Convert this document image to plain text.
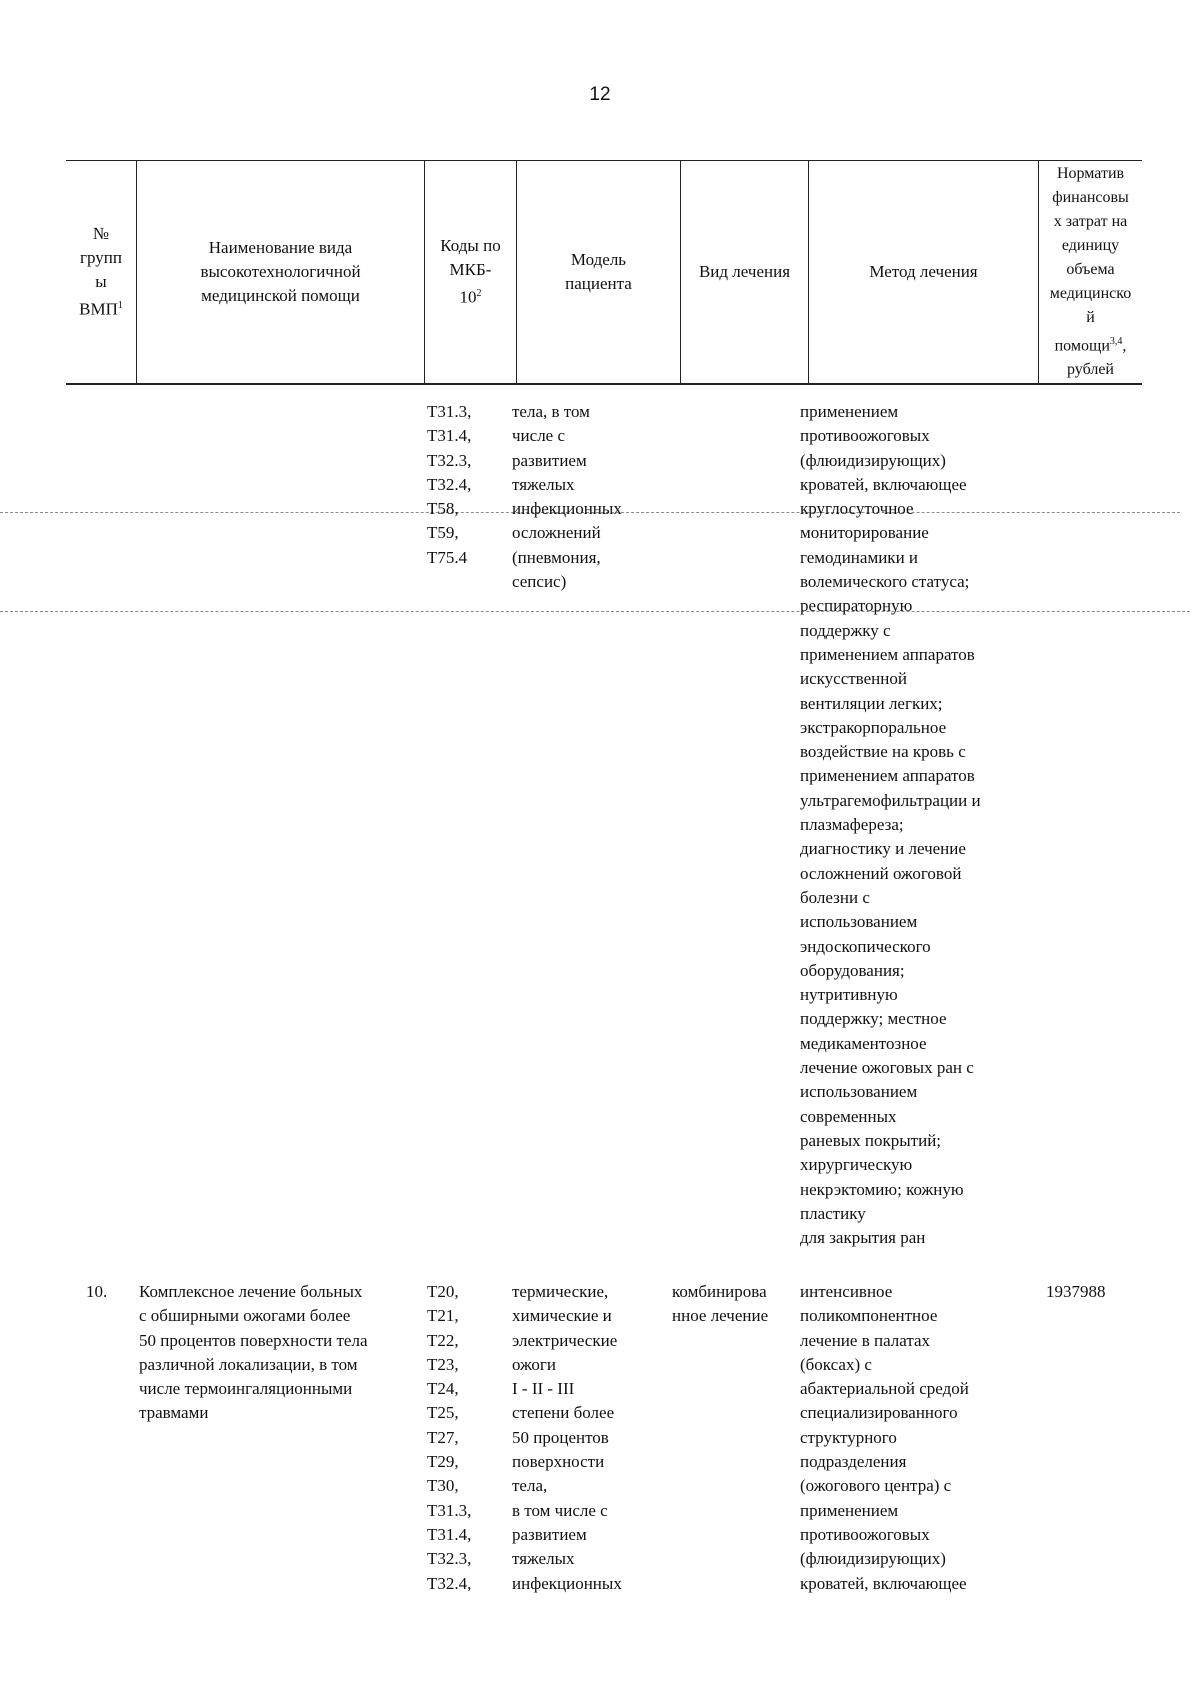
12
№
групп
ы
ВМП$^1$
Наименование вида
высокотехнологичной
медицинской помощи
Коды по
МКБ-
$10^2$
Модель
пациента
Вид лечения	Метод лечения
Норматив
финансовы
х затрат на
единицу
объема
медицинско
й
помощи$^{3,4}$,
рублей
Т31.3,
Т31.4,
Т32.3,
Т32.4,
Т58,
Т59,
Т75.4
тела, в том
числе с
развитием
тяжелых
инфекционных
осложнений
(пневмония,
сепсис)
применением
противоожоговых
(флюидизирующих)
кроватей, включающее
круглосуточное
мониторирование
гемодинамики и
волемического статуса;
респираторную
поддержку с
применением аппаратов
искусственной
вентиляции легких;
экстракорпоральное
воздействие на кровь с
применением аппаратов
ультрагемофильтрации и
плазмафереза;
диагностику и лечение
осложнений ожоговой
болезни с
использованием
эндоскопического
оборудования;
нутритивную
поддержку; местное
медикаментозное
лечение ожоговых ран с
использованием
современных
раневых покрытий;
хирургическую
некрэктомию; кожную
пластику
для закрытия ран
10. Комплексное лечение больных
с обширными ожогами более
50 процентов поверхности тела
различной локализации, в том
числе термоингаляционными
травмами
Т20,
Т21,
Т22,
Т23,
Т24,
Т25,
Т27,
Т29,
Т30,
Т31.3,
Т31.4,
Т32.3,
Т32.4,
термические,
химические и
электрические
ожоги
I - II - III
степени более
50 процентов
поверхности
тела,
в том числе с
развитием
тяжелых
инфекционных
комбинирова
нное лечение
интенсивное
поликомпонентное
лечение в палатах
(боксах) с
абактериальной средой
специализированного
структурного
подразделения
(ожогового центра) с
применением
противоожоговых
(флюидизирующих)
кроватей, включающее
1937988
